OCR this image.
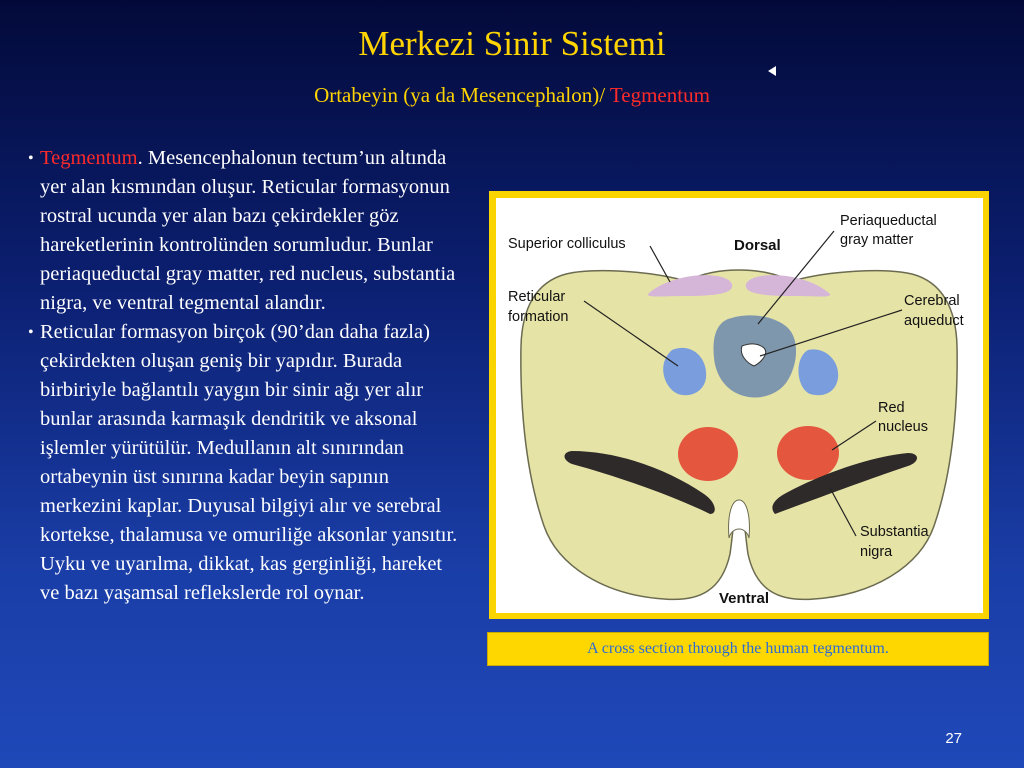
Merkezi Sinir Sistemi
Ortabeyin (ya da Mesencephalon)/ Tegmentum
• Tegmentum. Mesencephalonun tectum’un altında yer alan kısmından oluşur. Reticular formasyonun rostral ucunda yer alan bazı çekirdekler göz hareketlerinin kontrolünden sorumludur. Bunlar periaqueductal gray matter, red nucleus, substantia nigra, ve ventral tegmental alandır.
• Reticular formasyon birçok (90’dan daha fazla) çekirdekten oluşan geniş bir yapıdır. Burada birbiriyle bağlantılı yaygın bir sinir ağı yer alır bunlar arasında karmaşık dendritik ve aksonal işlemler yürütülür. Medullanın alt sınırından ortabeynin üst sınırına kadar beyin sapının merkezini kaplar. Duyusal bilgiyi alır ve serebral kortekse, thalamusa ve omuriliğe aksonlar yansıtır. Uyku ve uyarılma, dikkat, kas gerginliği, hareket ve bazı yaşamsal reflekslerde rol oynar.
Superior colliculus	Dorsal
Periaqueductal
gray matter
Reticular
formation
Cerebral
aqueduct
Red
nucleus
Substantia
nigra
Ventral
A cross section through the human tegmentum.
27
